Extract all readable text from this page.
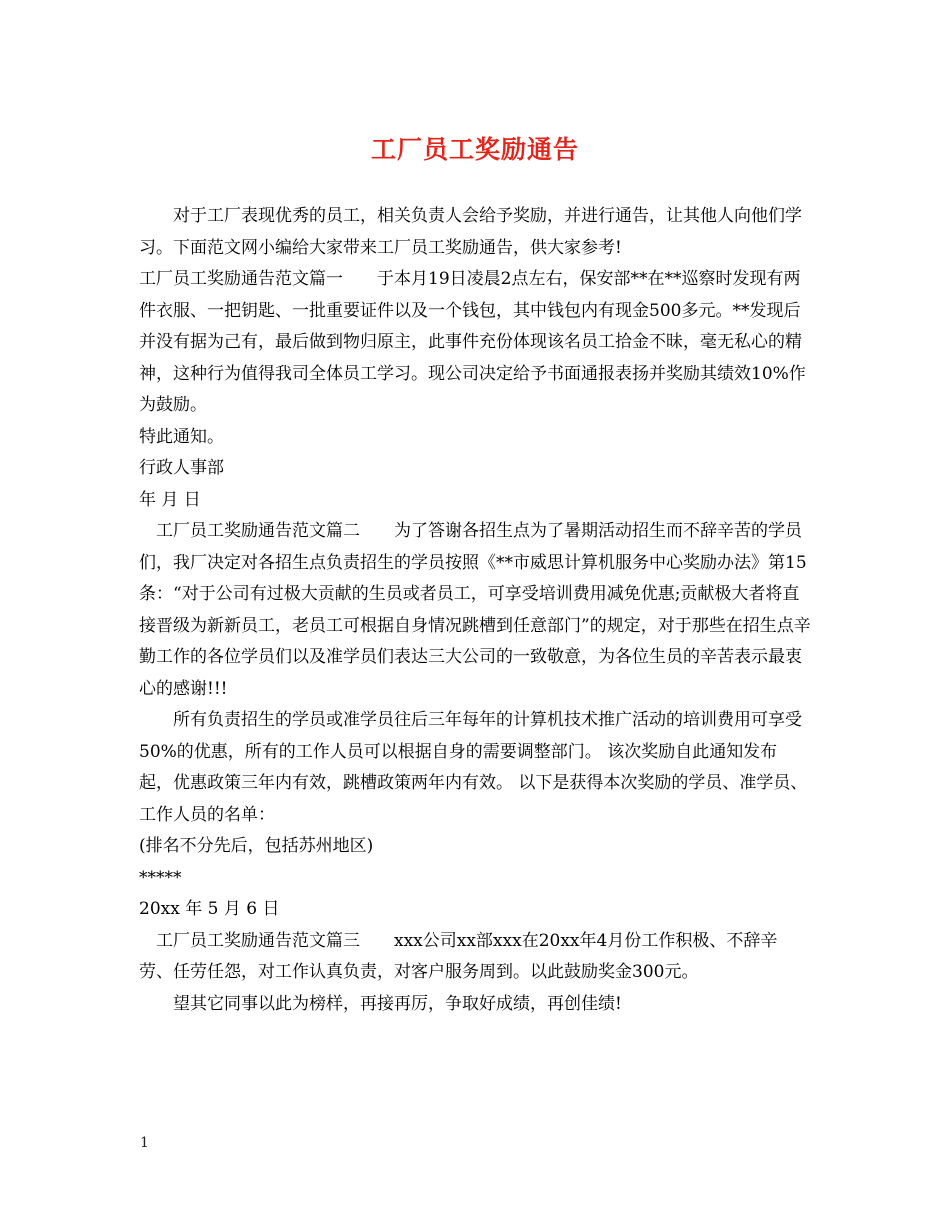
工厂员工奖励通告

对于工厂表现优秀的员工，相关负责人会给予奖励，并进行通告，让其他人向他们学习。下面范文网小编给大家带来工厂员工奖励通告，供大家参考!

工厂员工奖励通告范文篇一　　于本月19日凌晨2点左右，保安部**在**巡察时发现有两件衣服、一把钥匙、一批重要证件以及一个钱包，其中钱包内有现金500多元。**发现后并没有据为己有，最后做到物归原主，此事件充份体现该名员工拾金不昧，毫无私心的精神，这种行为值得我司全体员工学习。现公司决定给予书面通报表扬并奖励其绩效10%作为鼓励。

特此通知。

行政人事部

年 月 日

工厂员工奖励通告范文篇二　　为了答谢各招生点为了暑期活动招生而不辞辛苦的学员们，我厂决定对各招生点负责招生的学员按照《**市威思计算机服务中心奖励办法》第15条：“对于公司有过极大贡献的生员或者员工，可享受培训费用减免优惠;贡献极大者将直接晋级为新新员工，老员工可根据自身情况跳槽到任意部门”的规定，对于那些在招生点辛勤工作的各位学员们以及准学员们表达三大公司的一致敬意，为各位生员的辛苦表示最衷心的感谢!!!

所有负责招生的学员或准学员往后三年每年的计算机技术推广活动的培训费用可享受50%的优惠，所有的工作人员可以根据自身的需要调整部门。 该次奖励自此通知发布起，优惠政策三年内有效，跳槽政策两年内有效。 以下是获得本次奖励的学员、准学员、工作人员的名单：

(排名不分先后，包括苏州地区)

*****

20xx 年 5 月 6 日

工厂员工奖励通告范文篇三　　xxx公司xx部xxx在20xx年4月份工作积极、不辞辛劳、任劳任怨，对工作认真负责，对客户服务周到。以此鼓励奖金300元。

望其它同事以此为榜样，再接再厉，争取好成绩，再创佳绩!

1
